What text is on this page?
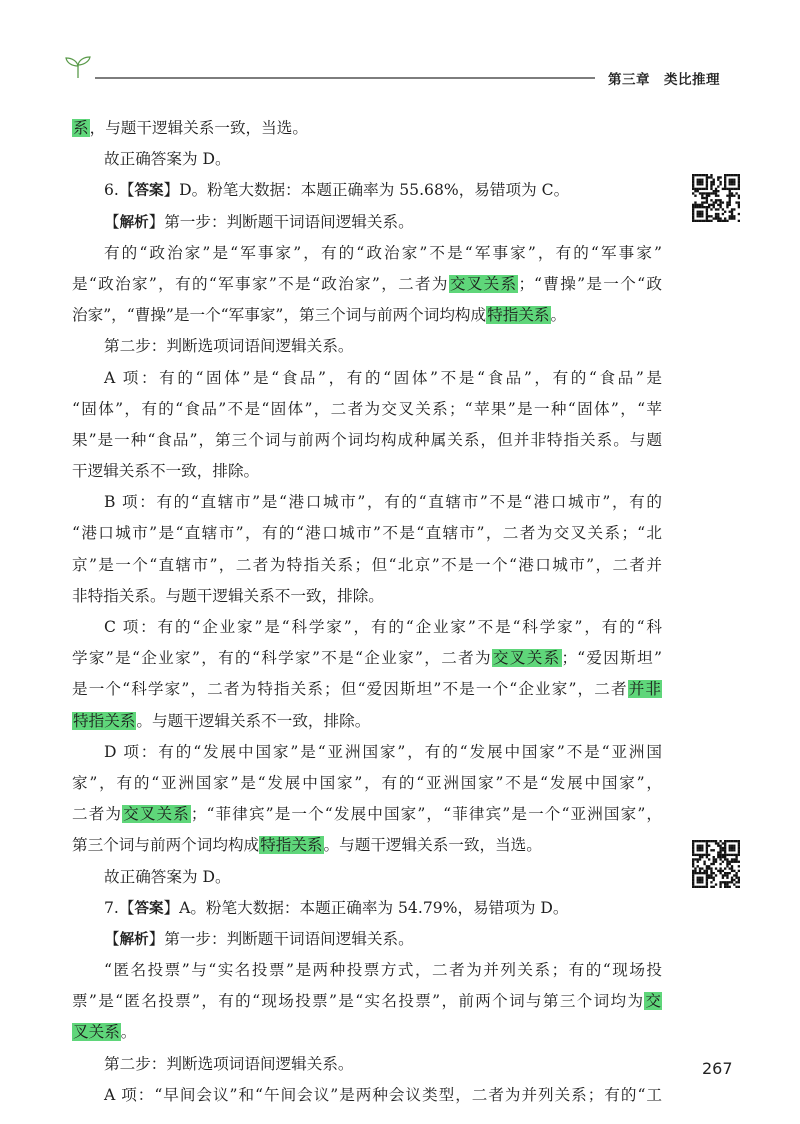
第三章 类比推理
系，与题干逻辑关系一致，当选。
故正确答案为 D。
6.【答案】D。粉笔大数据：本题正确率为 55.68%，易错项为 C。
【解析】第一步：判断题干词语间逻辑关系。
有的“政治家”是“军事家”，有的“政治家”不是“军事家”，有的“军事家”
是“政治家”，有的“军事家”不是“政治家”，二者为交叉关系；“曹操”是一个“政
治家”，“曹操”是一个“军事家”，第三个词与前两个词均构成特指关系。
第二步：判断选项词语间逻辑关系。
A 项：有的“固体”是“食品”，有的“固体”不是“食品”，有的“食品”是
“固体”，有的“食品”不是“固体”，二者为交叉关系；“苹果”是一种“固体”，“苹
果”是一种“食品”，第三个词与前两个词均构成种属关系，但并非特指关系。与题
干逻辑关系不一致，排除。
B 项：有的“直辖市”是“港口城市”，有的“直辖市”不是“港口城市”，有的
“港口城市”是“直辖市”，有的“港口城市”不是“直辖市”，二者为交叉关系；“北
京”是一个“直辖市”，二者为特指关系；但“北京”不是一个“港口城市”，二者并
非特指关系。与题干逻辑关系不一致，排除。
C 项：有的“企业家”是“科学家”，有的“企业家”不是“科学家”，有的“科
学家”是“企业家”，有的“科学家”不是“企业家”，二者为交叉关系；“爱因斯坦”
是一个“科学家”，二者为特指关系；但“爱因斯坦”不是一个“企业家”，二者并非
特指关系。与题干逻辑关系不一致，排除。
D 项：有的“发展中国家”是“亚洲国家”，有的“发展中国家”不是“亚洲国
家”，有的“亚洲国家”是“发展中国家”，有的“亚洲国家”不是“发展中国家”，
二者为交叉关系；“菲律宾”是一个“发展中国家”，“菲律宾”是一个“亚洲国家”，
第三个词与前两个词均构成特指关系。与题干逻辑关系一致，当选。
故正确答案为 D。
7.【答案】A。粉笔大数据：本题正确率为 54.79%，易错项为 D。
【解析】第一步：判断题干词语间逻辑关系。
“匿名投票”与“实名投票”是两种投票方式，二者为并列关系；有的“现场投
票”是“匿名投票”，有的“现场投票”是“实名投票”，前两个词与第三个词均为交
叉关系。
第二步：判断选项词语间逻辑关系。
A 项：“早间会议”和“午间会议”是两种会议类型，二者为并列关系；有的“工
267
